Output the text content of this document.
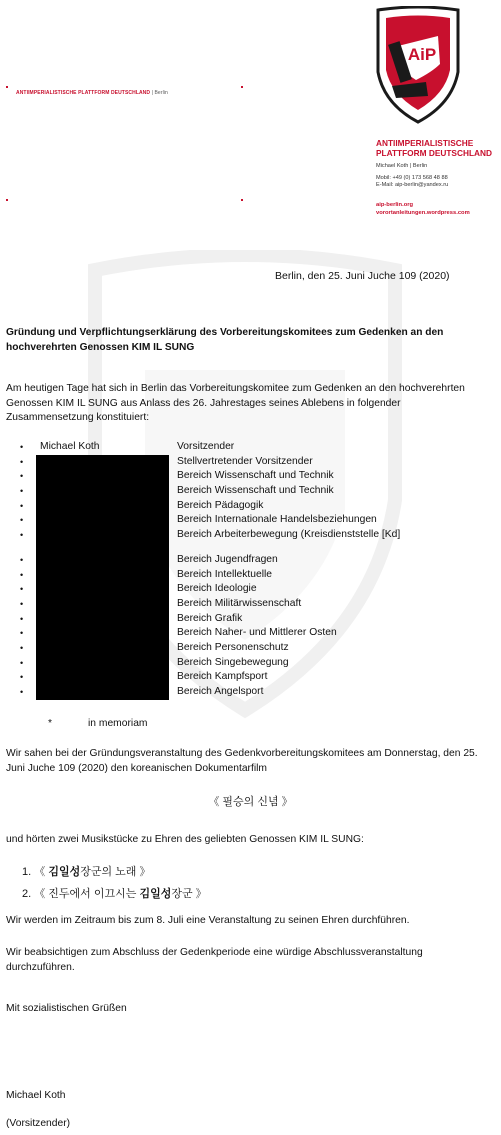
ANTIIMPERIALISTISCHE PLATTFORM DEUTSCHLAND | Berlin
AiP
ANTIIMPERIALISTISCHE
PLATTFORM DEUTSCHLAND
Michael Koth | Berlin
Mobil: +49 (0) 173 568 48 88
E-Mail: aip-berlin@yandex.ru
aip-berlin.org
vorortanleitungen.wordpress.com
Berlin, den 25. Juni Juche 109 (2020)
Gründung und Verpflichtungserklärung des Vorbereitungskomitees zum Gedenken an den hochverehrten Genossen KIM IL SUNG
Am heutigen Tage hat sich in Berlin das Vorbereitungskomitee zum Gedenken an den hochverehrten Genossen KIM IL SUNG aus Anlass des 26. Jahrestages seines Ablebens in folgender Zusammensetzung konstituiert:
• Michael Koth	Vorsitzender
•	Stellvertretender Vorsitzender
•	Bereich Wissenschaft und Technik
•	Bereich Wissenschaft und Technik
•	Bereich Pädagogik
•	Bereich Internationale Handelsbeziehungen
•	Bereich Arbeiterbewegung (Kreisdienststelle [Kd]
•	Bereich Jugendfragen
•	Bereich Intellektuelle
•	Bereich Ideologie
•	Bereich Militärwissenschaft
•	Bereich Grafik
•	Bereich Naher- und Mittlerer Osten
•	Bereich Personenschutz
•	Bereich Singebewegung
•	Bereich Kampfsport
•	Bereich Angelsport
*	in memoriam
Wir sahen bei der Gründungsveranstaltung des Gedenkvorbereitungskomitees am Donnerstag, den 25. Juni Juche 109 (2020) den koreanischen Dokumentarfilm
《 필승의 신념 》
und hörten zwei Musikstücke zu Ehren des geliebten Genossen KIM IL SUNG:
1. 《 김일성장군의 노래 》
2. 《 진두에서 이끄시는 김일성장군 》
Wir werden im Zeitraum bis zum 8. Juli eine Veranstaltung zu seinen Ehren durchführen.
Wir beabsichtigen zum Abschluss der Gedenkperiode eine würdige Abschlussveranstaltung durchzuführen.
Mit sozialistischen Grüßen
Michael Koth
(Vorsitzender)
